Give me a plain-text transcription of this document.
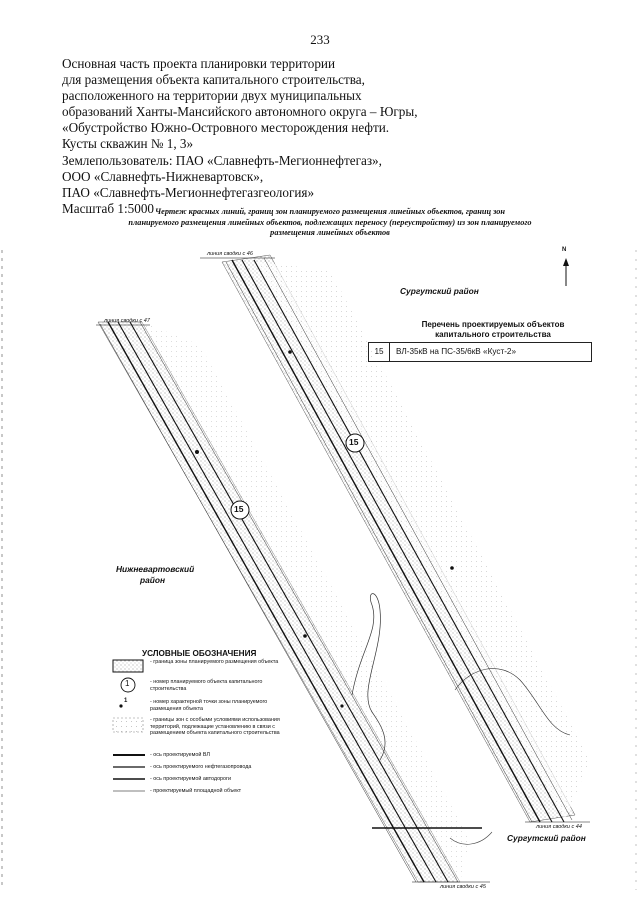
233
Основная часть проекта планировки территории
для размещения объекта капитального строительства,
расположенного на территории двух муниципальных
образований Ханты-Мансийского автономного округа – Югры,
«Обустройство Южно-Островного месторождения нефти.
Кусты скважин № 1, 3»
Землепользователь: ПАО «Славнефть-Мегионнефтегаз»,
ООО «Славнефть-Нижневартовск»,
ПАО «Славнефть-Мегионнефтегазгеология»
Масштаб 1:5000 Чертеж красных линий, границ зон планируемого размещения линейных объектов, границ зон
планируемого размещения линейных объектов, подлежащих переносу (переустройству) из зон планируемого
размещения линейных объектов
N
Сургутский район
Нижневартовский
район
Сургутский район
Перечень проектируемых объектов
капитального строительства
15	ВЛ-35кВ на ПС-35/6кВ «Куст-2»
линия сводки с 46
линия сводки с 47
линия сводки с 44
линия сводки с 45
15
15
УСЛОВНЫЕ ОБОЗНАЧЕНИЯ
1
1
- граница зоны планируемого размещения объекта
- номер планируемого объекта капитального строительства
- номер характерной точки зоны планируемого размещения объекта
- границы зон с особыми условиями использования территорий, подлежащие установлению в связи с размещением объекта капитального строительства
- ось проектируемой ВЛ
- ось проектируемого нефтегазопровода
- ось проектируемой автодороги
- проектируемый площадной объект
